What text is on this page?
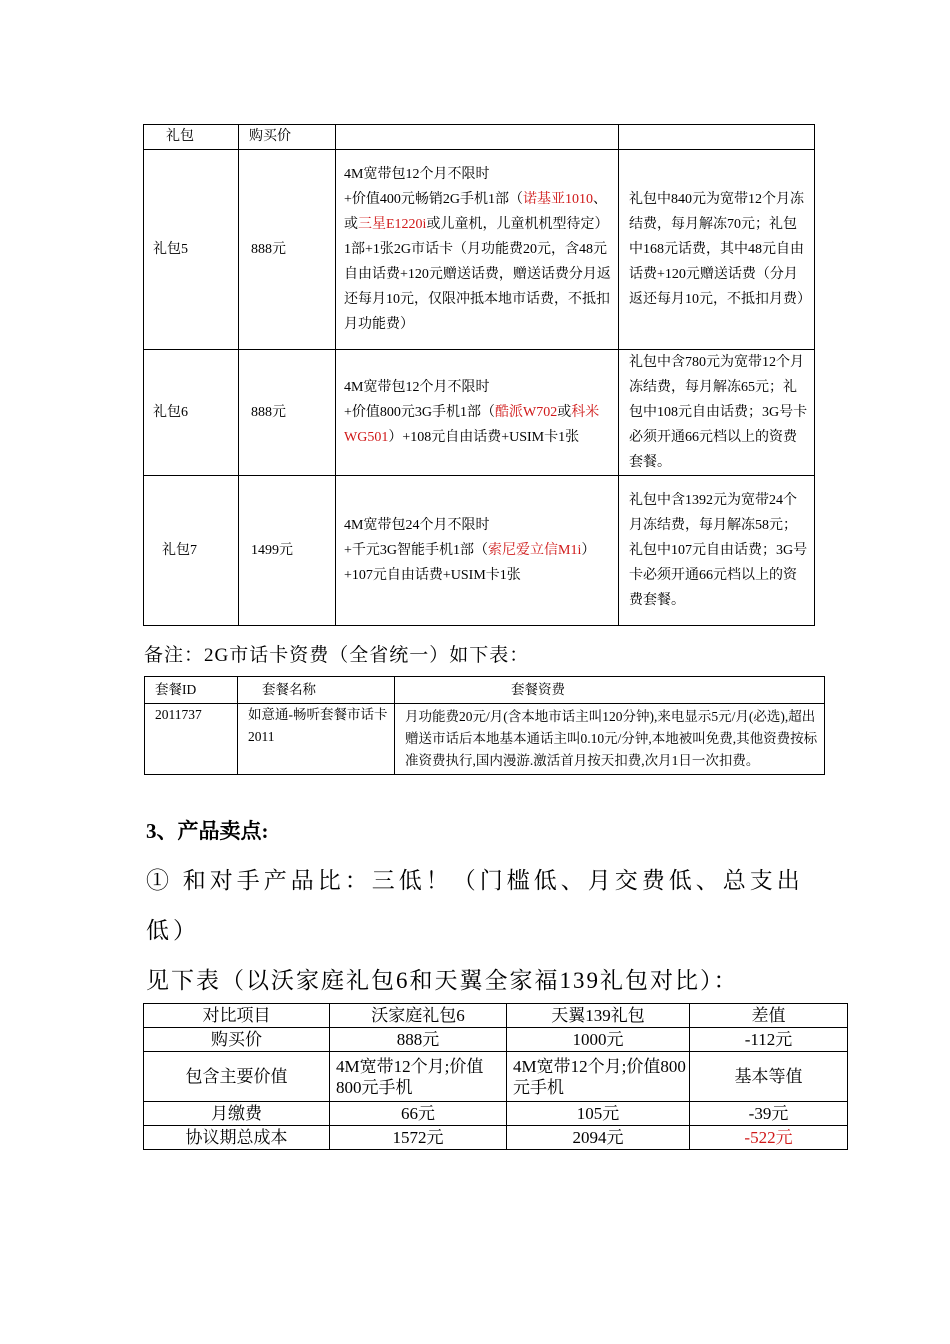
礼包	购买价		
礼包5	888元	4M宽带包12个月不限时
+价值400元畅销2G手机1部（诺基亚1010、或三星E1220i或儿童机，儿童机机型待定）1部+1张2G市话卡（月功能费20元，含48元自由话费+120元赠送话费，赠送话费分月返还每月10元，仅限冲抵本地市话费，不抵扣月功能费）	礼包中840元为宽带12个月冻结费，每月解冻70元；礼包中168元话费，其中48元自由话费+120元赠送话费（分月返还每月10元，不抵扣月费）
礼包6	888元	4M宽带包12个月不限时
+价值800元3G手机1部（酷派W702或科米WG501）+108元自由话费+USIM卡1张	礼包中含780元为宽带12个月冻结费，每月解冻65元；礼包中108元自由话费；3G号卡必须开通66元档以上的资费套餐。
礼包7	1499元	4M宽带包24个月不限时
+千元3G智能手机1部（索尼爱立信M1i）+107元自由话费+USIM卡1张	礼包中含1392元为宽带24个月冻结费，每月解冻58元；礼包中107元自由话费；3G号卡必须开通66元档以上的资费套餐。
备注：2G市话卡资费（全省统一）如下表：
套餐ID	套餐名称	套餐资费
2011737	如意通-畅听套餐市话卡2011	月功能费20元/月(含本地市话主叫120分钟),来电显示5元/月(必选),超出赠送市话后本地基本通话主叫0.10元/分钟,本地被叫免费,其他资费按标准资费执行,国内漫游.激活首月按天扣费,次月1日一次扣费。
3、产品卖点:
① 和对手产品比：三低！（门槛低、月交费低、总支出
低）
见下表（以沃家庭礼包6和天翼全家福139礼包对比）：
对比项目	沃家庭礼包6	天翼139礼包	差值
购买价	888元	1000元	-112元
包含主要价值	4M宽带12个月;价值800元手机	4M宽带12个月;价值800元手机	基本等值
月缴费	66元	105元	-39元
协议期总成本	1572元	2094元	-522元
